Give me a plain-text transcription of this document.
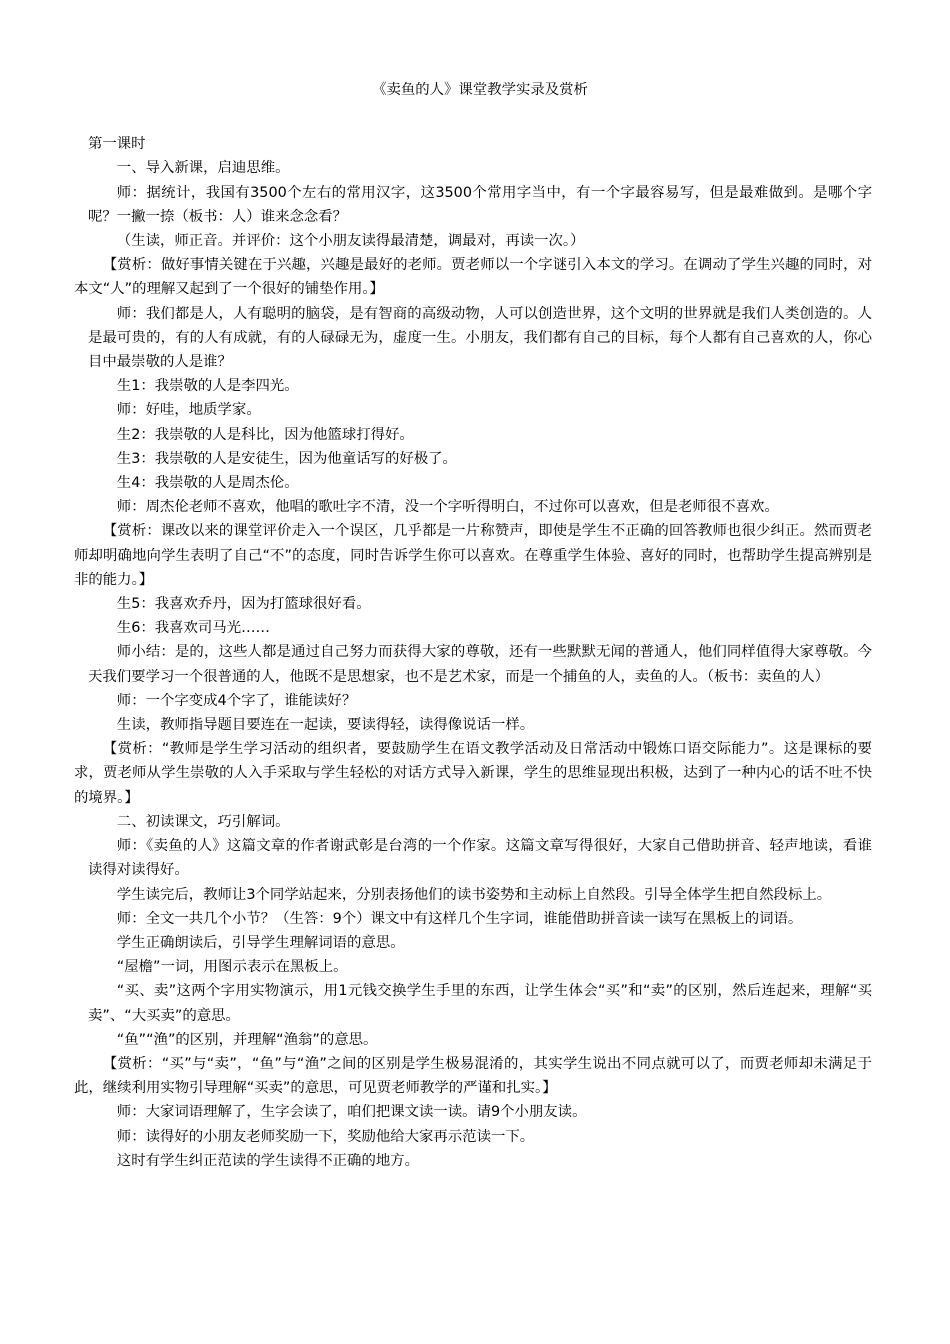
《卖鱼的人》课堂教学实录及赏析

第一课时

一、导入新课，启迪思维。

师：据统计，我国有3500个左右的常用汉字，这3500个常用字当中，有一个字最容易写，但是最难做到。是哪个字呢？一撇一捺（板书：人）谁来念念看？

（生读，师正音。并评价：这个小朋友读得最清楚，调最对，再读一次。）

【赏析：做好事情关键在于兴趣，兴趣是最好的老师。贾老师以一个字谜引入本文的学习。在调动了学生兴趣的同时，对本文“人”的理解又起到了一个很好的铺垫作用。】

师：我们都是人，人有聪明的脑袋，是有智商的高级动物，人可以创造世界，这个文明的世界就是我们人类创造的。人是最可贵的，有的人有成就，有的人碌碌无为，虚度一生。小朋友，我们都有自己的目标，每个人都有自己喜欢的人，你心目中最崇敬的人是谁？

生1：我崇敬的人是李四光。

师：好哇，地质学家。

生2：我崇敬的人是科比，因为他篮球打得好。

生3：我崇敬的人是安徒生，因为他童话写的好极了。

生4：我崇敬的人是周杰伦。

师：周杰伦老师不喜欢，他唱的歌吐字不清，没一个字听得明白，不过你可以喜欢，但是老师很不喜欢。

【赏析：课改以来的课堂评价走入一个误区，几乎都是一片称赞声，即使是学生不正确的回答教师也很少纠正。然而贾老师却明确地向学生表明了自己“不”的态度，同时告诉学生你可以喜欢。在尊重学生体验、喜好的同时，也帮助学生提高辨别是非的能力。】

生5：我喜欢乔丹，因为打篮球很好看。

生6：我喜欢司马光……

师小结：是的，这些人都是通过自己努力而获得大家的尊敬，还有一些默默无闻的普通人，他们同样值得大家尊敬。今天我们要学习一个很普通的人，他既不是思想家，也不是艺术家，而是一个捕鱼的人，卖鱼的人。（板书：卖鱼的人）

师：一个字变成4个字了，谁能读好？

生读，教师指导题目要连在一起读，要读得轻，读得像说话一样。

【赏析：“教师是学生学习活动的组织者，要鼓励学生在语文教学活动及日常活动中锻炼口语交际能力”。这是课标的要求，贾老师从学生崇敬的人入手采取与学生轻松的对话方式导入新课，学生的思维显现出积极，达到了一种内心的话不吐不快的境界。】

二、初读课文，巧引解词。

师：《卖鱼的人》这篇文章的作者谢武彰是台湾的一个作家。这篇文章写得很好，大家自己借助拼音、轻声地读，看谁读得对读得好。

学生读完后，教师让3个同学站起来，分别表扬他们的读书姿势和主动标上自然段。引导全体学生把自然段标上。

师：全文一共几个小节？（生答：9个）课文中有这样几个生字词，谁能借助拼音读一读写在黑板上的词语。

学生正确朗读后，引导学生理解词语的意思。

“屋檐”一词，用图示表示在黑板上。

“买、卖”这两个字用实物演示，用1元钱交换学生手里的东西，让学生体会“买”和“卖”的区别，然后连起来，理解“买卖”、“大买卖”的意思。

“鱼”“渔”的区别，并理解“渔翁”的意思。

【赏析：“买”与“卖”，“鱼”与“渔”之间的区别是学生极易混淆的，其实学生说出不同点就可以了，而贾老师却未满足于此，继续利用实物引导理解“买卖”的意思，可见贾老师教学的严谨和扎实。】

师：大家词语理解了，生字会读了，咱们把课文读一读。请9个小朋友读。

师：读得好的小朋友老师奖励一下，奖励他给大家再示范读一下。

这时有学生纠正范读的学生读得不正确的地方。
